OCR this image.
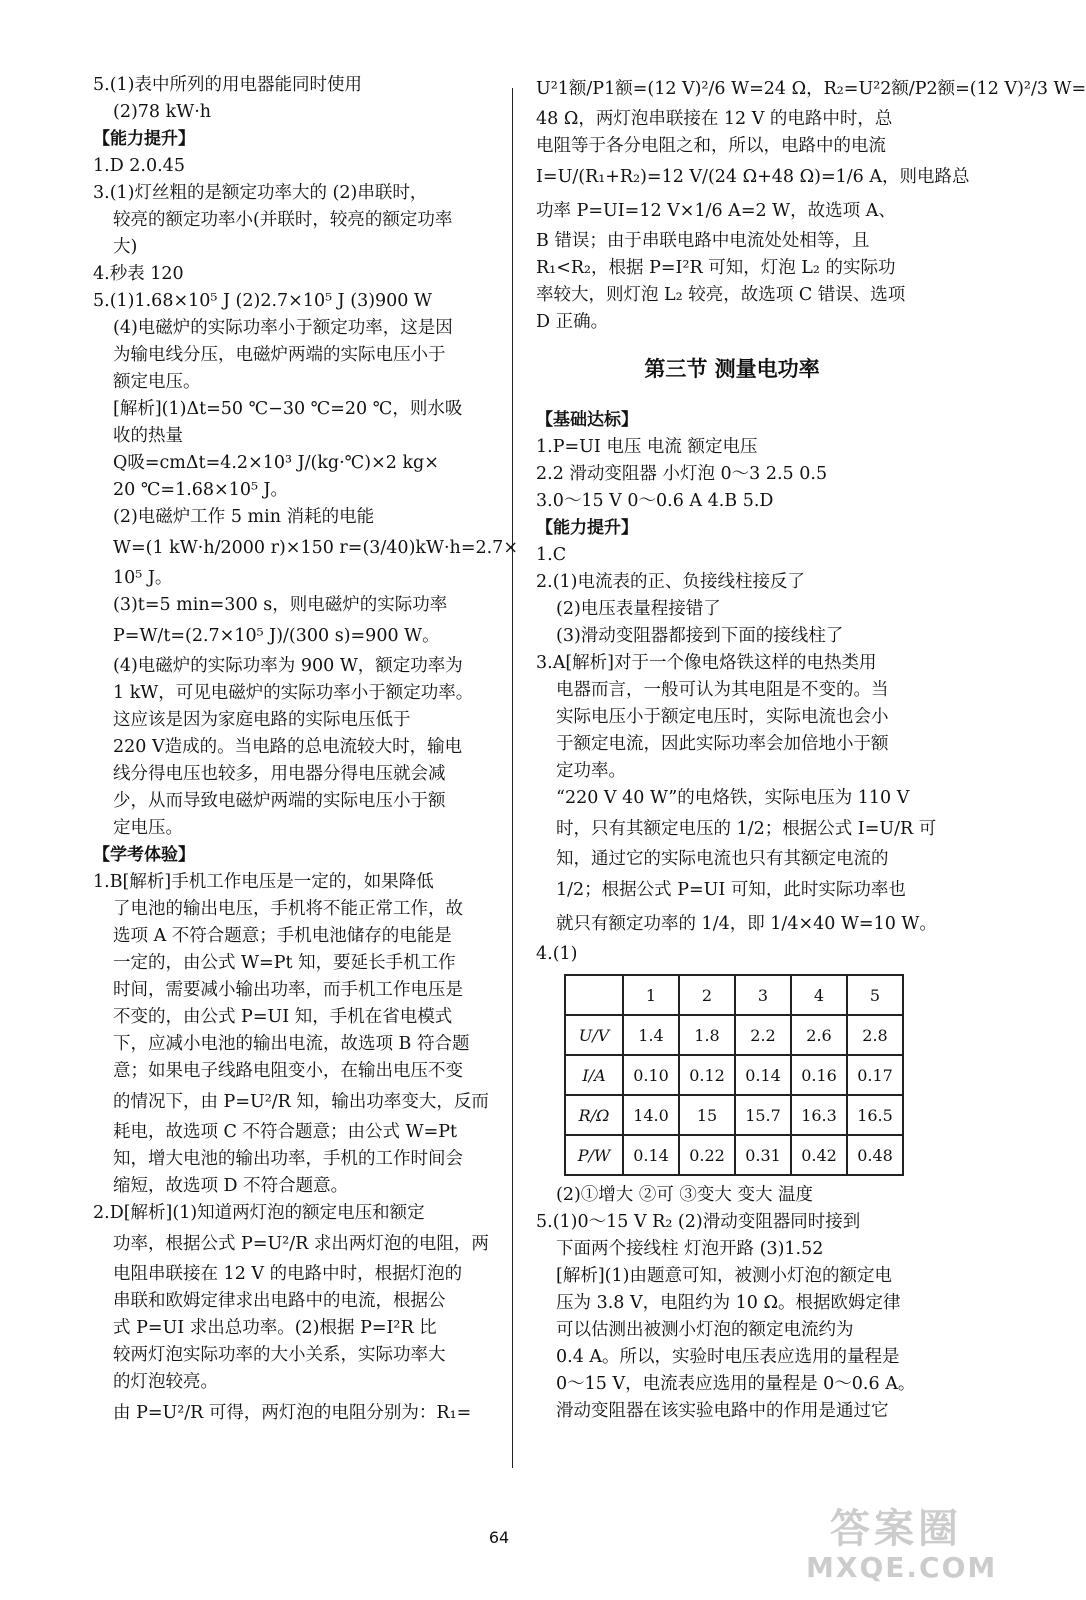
5.(1)表中所列的用电器能同时使用
(2)78 kW·h
【能力提升】
1.D 2.0.45
3.(1)灯丝粗的是额定功率大的 (2)串联时，
较亮的额定功率小(并联时，较亮的额定功率
大)
4.秒表 120
5.(1)1.68×10⁵ J (2)2.7×10⁵ J (3)900 W
(4)电磁炉的实际功率小于额定功率，这是因
为输电线分压，电磁炉两端的实际电压小于
额定电压。
[解析](1)Δt=50 ℃−30 ℃=20 ℃，则水吸
收的热量
Q吸=cmΔt=4.2×10³ J/(kg·℃)×2 kg×
20 ℃=1.68×10⁵ J。
(2)电磁炉工作 5 min 消耗的电能
W=(1 kW·h/2000 r)×150 r=(3/40)kW·h=2.7×
10⁵ J。
(3)t=5 min=300 s，则电磁炉的实际功率
P=W/t=(2.7×10⁵ J)/(300 s)=900 W。
(4)电磁炉的实际功率为 900 W，额定功率为
1 kW，可见电磁炉的实际功率小于额定功率。
这应该是因为家庭电路的实际电压低于
220 V造成的。当电路的总电流较大时，输电
线分得电压也较多，用电器分得电压就会减
少，从而导致电磁炉两端的实际电压小于额
定电压。
【学考体验】
1.B[解析]手机工作电压是一定的，如果降低
了电池的输出电压，手机将不能正常工作，故
选项 A 不符合题意；手机电池储存的电能是
一定的，由公式 W=Pt 知，要延长手机工作
时间，需要减小输出功率，而手机工作电压是
不变的，由公式 P=UI 知，手机在省电模式
下，应减小电池的输出电流，故选项 B 符合题
意；如果电子线路电阻变小，在输出电压不变
的情况下，由 P=U²/R 知，输出功率变大，反而
耗电，故选项 C 不符合题意；由公式 W=Pt
知，增大电池的输出功率，手机的工作时间会
缩短，故选项 D 不符合题意。
2.D[解析](1)知道两灯泡的额定电压和额定
功率，根据公式 P=U²/R 求出两灯泡的电阻，两
电阻串联接在 12 V 的电路中时，根据灯泡的
串联和欧姆定律求出电路中的电流，根据公
式 P=UI 求出总功率。(2)根据 P=I²R 比
较两灯泡实际功率的大小关系，实际功率大
的灯泡较亮。
由 P=U²/R 可得，两灯泡的电阻分别为：R₁=
U²1额/P1额=(12 V)²/6 W=24 Ω，R₂=U²2额/P2额=(12 V)²/3 W=
48 Ω，两灯泡串联接在 12 V 的电路中时，总
电阻等于各分电阻之和，所以，电路中的电流
I=U/(R₁+R₂)=12 V/(24 Ω+48 Ω)=1/6 A，则电路总
功率 P=UI=12 V×1/6 A=2 W，故选项 A、
B 错误；由于串联电路中电流处处相等，且
R₁<R₂，根据 P=I²R 可知，灯泡 L₂ 的实际功
率较大，则灯泡 L₂ 较亮，故选项 C 错误、选项
D 正确。
第三节 测量电功率
【基础达标】
1.P=UI 电压 电流 额定电压
2.2 滑动变阻器 小灯泡 0～3 2.5 0.5
3.0～15 V 0～0.6 A 4.B 5.D
【能力提升】
1.C
2.(1)电流表的正、负接线柱接反了
(2)电压表量程接错了
(3)滑动变阻器都接到下面的接线柱了
3.A[解析]对于一个像电烙铁这样的电热类用
电器而言，一般可认为其电阻是不变的。当
实际电压小于额定电压时，实际电流也会小
于额定电流，因此实际功率会加倍地小于额
定功率。
“220 V 40 W”的电烙铁，实际电压为 110 V
时，只有其额定电压的 1/2；根据公式 I=U/R 可
知，通过它的实际电流也只有其额定电流的
1/2；根据公式 P=UI 可知，此时实际功率也
就只有额定功率的 1/4，即 1/4×40 W=10 W。
4.(1)
	1	2	3	4	5
U/V	1.4	1.8	2.2	2.6	2.8
I/A	0.10	0.12	0.14	0.16	0.17
R/Ω	14.0	15	15.7	16.3	16.5
P/W	0.14	0.22	0.31	0.42	0.48
(2)①增大 ②可 ③变大 变大 温度
5.(1)0～15 V R₂ (2)滑动变阻器同时接到
下面两个接线柱 灯泡开路 (3)1.52
[解析](1)由题意可知，被测小灯泡的额定电
压为 3.8 V，电阻约为 10 Ω。根据欧姆定律
可以估测出被测小灯泡的额定电流约为
0.4 A。所以，实验时电压表应选用的量程是
0～15 V，电流表应选用的量程是 0～0.6 A。
滑动变阻器在该实验电路中的作用是通过它
64	答案圈
MXQE.COM
